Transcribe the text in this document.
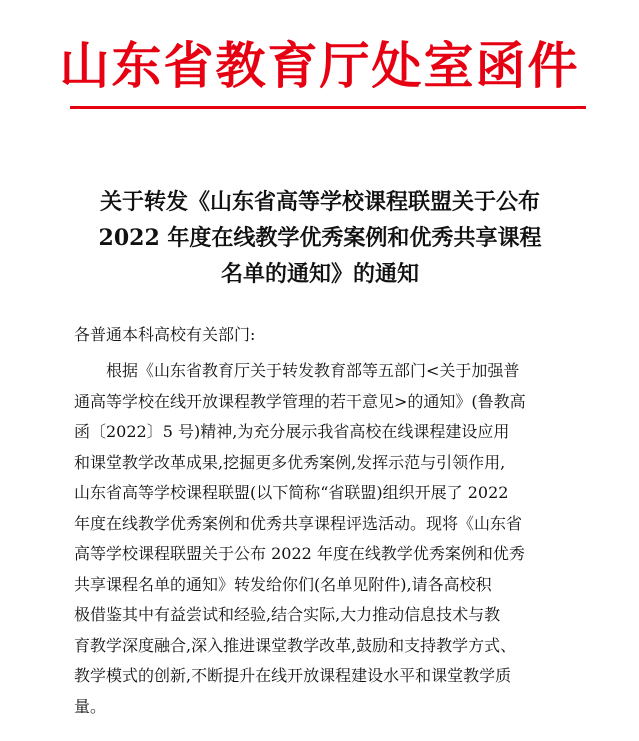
山东省教育厅处室函件
关于转发《山东省高等学校课程联盟关于公布
2022 年度在线教学优秀案例和优秀共享课程
名单的通知》的通知
各普通本科高校有关部门:
根据《山东省教育厅关于转发教育部等五部门<关于加强普
通高等学校在线开放课程教学管理的若干意见>的通知》(鲁教高
函〔2022〕5 号)精神,为充分展示我省高校在线课程建设应用
和课堂教学改革成果,挖掘更多优秀案例,发挥示范与引领作用,
山东省高等学校课程联盟(以下简称“省联盟)组织开展了 2022
年度在线教学优秀案例和优秀共享课程评选活动。现将《山东省
高等学校课程联盟关于公布 2022 年度在线教学优秀案例和优秀
共享课程名单的通知》转发给你们(名单见附件),请各高校积
极借鉴其中有益尝试和经验,结合实际,大力推动信息技术与教
育教学深度融合,深入推进课堂教学改革,鼓励和支持教学方式、
教学模式的创新,不断提升在线开放课程建设水平和课堂教学质
量。
